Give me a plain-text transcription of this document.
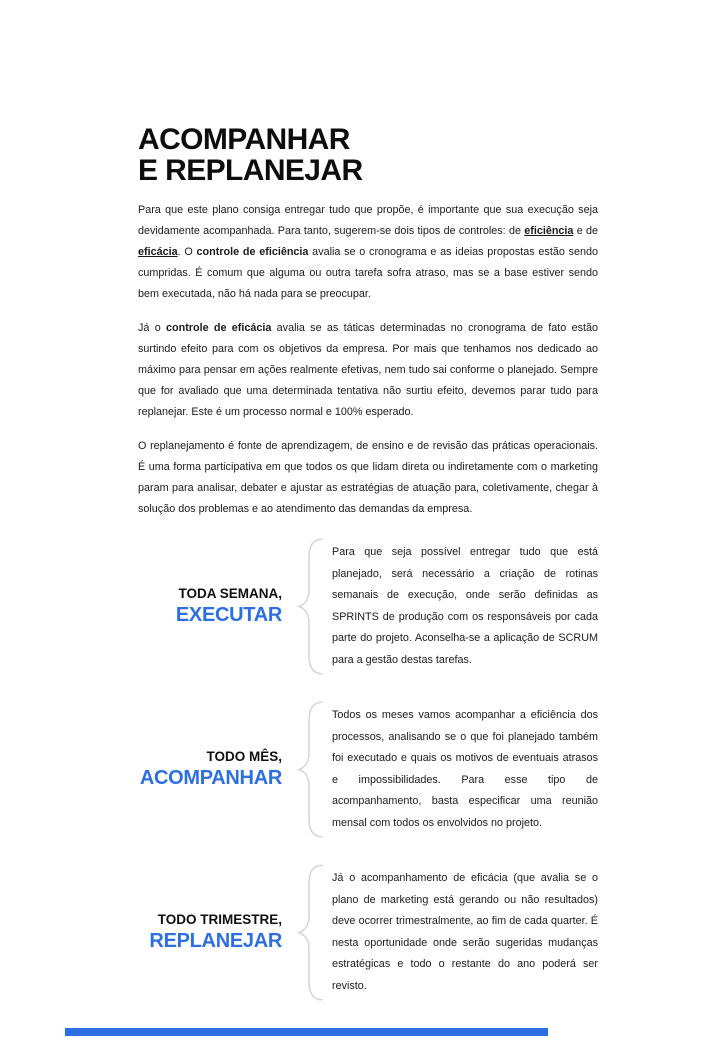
ACOMPANHAR
E REPLANEJAR

Para que este plano consiga entregar tudo que propõe, é importante que sua execução seja devidamente acompanhada. Para tanto, sugerem-se dois tipos de controles: de eficiência e de eficácia. O controle de eficiência avalia se o cronograma e as ideias propostas estão sendo cumpridas. É comum que alguma ou outra tarefa sofra atraso, mas se a base estiver sendo bem executada, não há nada para se preocupar.

Já o controle de eficácia avalia se as táticas determinadas no cronograma de fato estão surtindo efeito para com os objetivos da empresa. Por mais que tenhamos nos dedicado ao máximo para pensar em ações realmente efetivas, nem tudo sai conforme o planejado. Sempre que for avaliado que uma determinada tentativa não surtiu efeito, devemos parar tudo para replanejar. Este é um processo normal e 100% esperado.

O replanejamento é fonte de aprendizagem, de ensino e de revisão das práticas operacionais. É uma forma participativa em que todos os que lidam direta ou indiretamente com o marketing param para analisar, debater e ajustar as estratégias de atuação para, coletivamente, chegar à solução dos problemas e ao atendimento das demandas da empresa.

TODA SEMANA,
EXECUTAR
Para que seja possível entregar tudo que está planejado, será necessário a criação de rotinas semanais de execução, onde serão definidas as SPRINTS de produção com os responsáveis por cada parte do projeto. Aconselha-se a aplicação de SCRUM para a gestão destas tarefas.
TODO MÊS,
ACOMPANHAR
Todos os meses vamos acompanhar a eficiência dos processos, analisando se o que foi planejado também foi executado e quais os motivos de eventuais atrasos e impossibilidades. Para esse tipo de acompanhamento, basta especificar uma reunião mensal com todos os envolvidos no projeto.
TODO TRIMESTRE,
REPLANEJAR
Já o acompanhamento de eficácia (que avalia se o plano de marketing está gerando ou não resultados) deve ocorrer trimestralmente, ao fim de cada quarter. É nesta oportunidade onde serão sugeridas mudanças estratégicas e todo o restante do ano poderá ser revisto.
